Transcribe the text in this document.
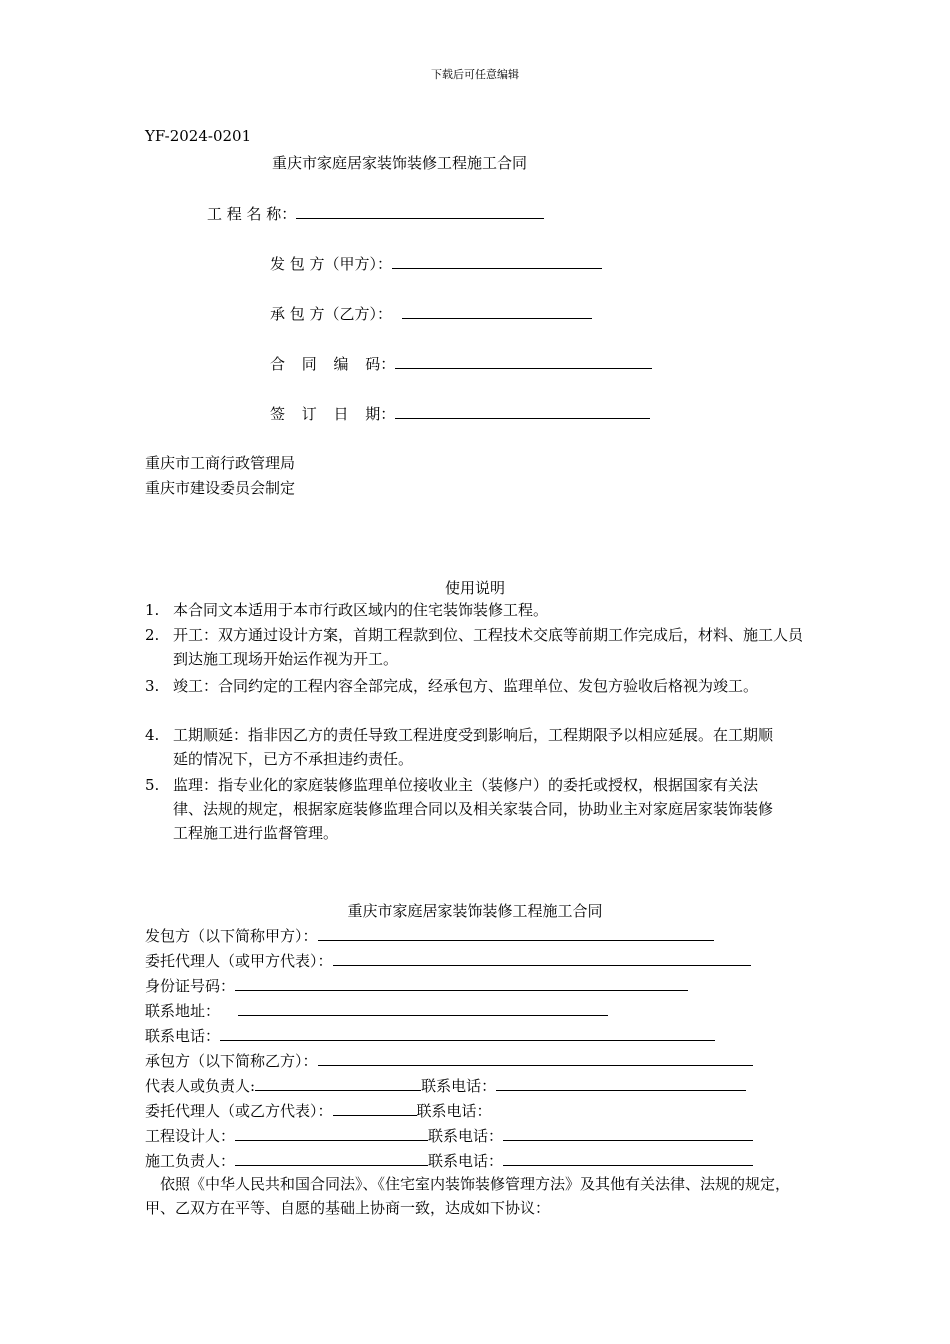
下载后可任意编辑
YF-2024-0201
重庆市家庭居家装饰装修工程施工合同
工 程 名 称：
发 包 方（甲方）：
承 包 方（乙方）：
合 同 编 码：
签 订 日 期：
重庆市工商行政管理局
重庆市建设委员会制定
使用说明
1. 本合同文本适用于本市行政区域内的住宅装饰装修工程。
2. 开工：双方通过设计方案，首期工程款到位、工程技术交底等前期工作完成后，材料、施工人员到达施工现场开始运作视为开工。
3. 竣工：合同约定的工程内容全部完成，经承包方、监理单位、发包方验收后格视为竣工。
4. 工期顺延：指非因乙方的责任导致工程进度受到影响后，工程期限予以相应延展。在工期顺延的情况下，已方不承担违约责任。
5. 监理：指专业化的家庭装修监理单位接收业主（装修户）的委托或授权，根据国家有关法律、法规的规定，根据家庭装修监理合同以及相关家装合同，协助业主对家庭居家装饰装修工程施工进行监督管理。
重庆市家庭居家装饰装修工程施工合同
发包方（以下简称甲方）：
委托代理人（或甲方代表）：
身份证号码：
联系地址：
联系电话：
承包方（以下简称乙方）：
代表人或负责人:	联系电话：
委托代理人（或乙方代表）：	联系电话：
工程设计人：	联系电话：
施工负责人：	联系电话：
依照《中华人民共和国合同法》、《住宅室内装饰装修管理方法》及其他有关法律、法规的规定，甲、乙双方在平等、自愿的基础上协商一致，达成如下协议：
